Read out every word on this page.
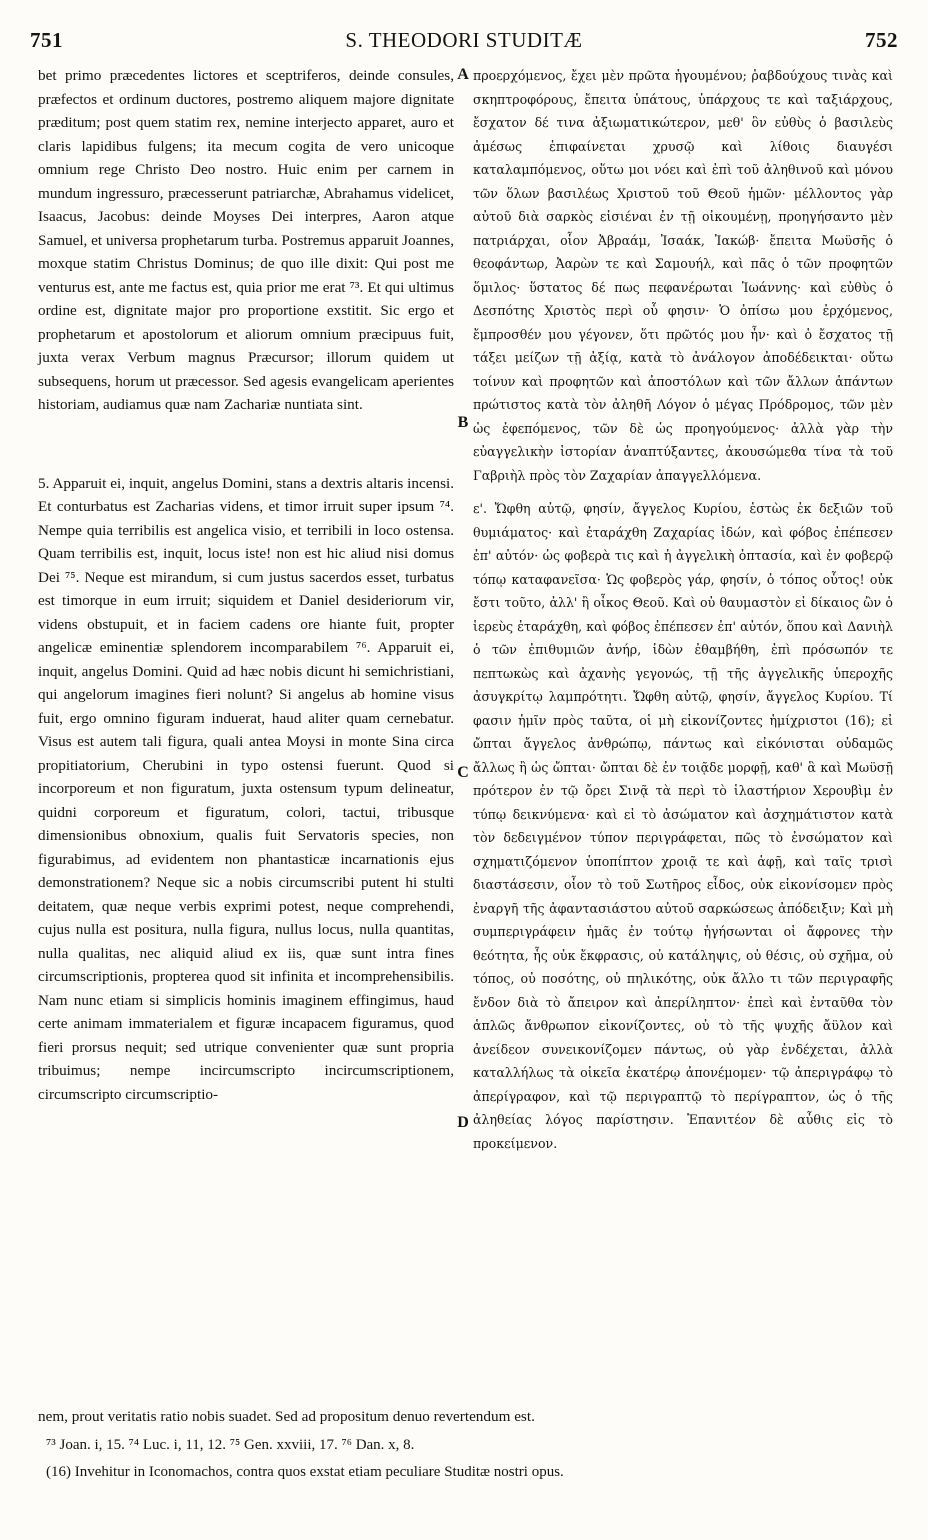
751	S. THEODORI STUDITÆ	752

bet primo præcedentes lictores et sceptriferos, deinde consules, præfectos et ordinum ductores, postremo aliquem majore dignitate præditum; post quem statim rex, nemine interjecto apparet, auro et claris lapidibus fulgens; ita mecum cogita de vero unicoque omnium rege Christo Deo nostro. Huic enim per carnem in mundum ingressuro, præcesserunt patriarchæ, Abrahamus videlicet, Isaacus, Jacobus: deinde Moyses Dei interpres, Aaron atque Samuel, et universa prophetarum turba. Postremus apparuit Joannes, moxque statim Christus Dominus; de quo ille dixit: Qui post me venturus est, ante me factus est, quia prior me erat ⁷³. Et qui ultimus ordine est, dignitate major pro proportione exstitit. Sic ergo et prophetarum et apostolorum et aliorum omnium præcipuus fuit, juxta verax Verbum magnus Præcursor; illorum quidem ut subsequens, horum ut præcessor. Sed agesis evangelicam aperientes historiam, audiamus quæ nam Zachariæ nuntiata sint.

5. Apparuit ei, inquit, angelus Domini, stans a dextris altaris incensi. Et conturbatus est Zacharias videns, et timor irruit super ipsum ⁷⁴. Nempe quia terribilis est angelica visio, et terribili in loco ostensa. Quam terribilis est, inquit, locus iste! non est hic aliud nisi domus Dei ⁷⁵. Neque est mirandum, si cum justus sacerdos esset, turbatus est timorque in eum irruit; siquidem et Daniel desideriorum vir, videns obstupuit, et in faciem cadens ore hiante fuit, propter angelicæ eminentiæ splendorem incomparabilem ⁷⁶. Apparuit ei, inquit, angelus Domini. Quid ad hæc nobis dicunt hi semichristiani, qui angelorum imagines fieri nolunt? Si angelus ab homine visus fuit, ergo omnino figuram induerat, haud aliter quam cernebatur. Visus est autem tali figura, quali antea Moysi in monte Sina circa propitiatorium, Cherubini in typo ostensi fuerunt. Quod si incorporeum et non figuratum, juxta ostensum typum delineatur, quidni corporeum et figuratum, colori, tactui, tribusque dimensionibus obnoxium, qualis fuit Servatoris species, non figurabimus, ad evidentem non phantasticæ incarnationis ejus demonstrationem? Neque sic a nobis circumscribi putent hi stulti deitatem, quæ neque verbis exprimi potest, neque comprehendi, cujus nulla est positura, nulla figura, nullus locus, nulla quantitas, nulla qualitas, nec aliquid aliud ex iis, quæ sunt intra fines circumscriptionis, propterea quod sit infinita et incomprehensibilis. Nam nunc etiam si simplicis hominis imaginem effingimus, haud certe animam immaterialem et figuræ incapacem figuramus, quod fieri prorsus nequit; sed utrique convenienter quæ sunt propria tribuimus; nempe incircumscripto incircumscriptionem, circumscripto circumscriptio-

προερχόμενος, ἔχει μὲν πρῶτα ἡγουμένου; ῥαβδούχους τινὰς καὶ σκηπτροφόρους, ἔπειτα ὑπάτους, ὑπάρχους τε καὶ ταξιάρχους, ἔσχατον δέ τινα ἀξιωματικώτερον, μεθ' ὃν εὐθὺς ὁ βασιλεὺς ἀμέσως ἐπιφαίνεται χρυσῷ καὶ λίθοις διαυγέσι καταλαμπόμενος, οὕτω μοι νόει καὶ ἐπὶ τοῦ ἀληθινοῦ καὶ μόνου τῶν ὅλων βασιλέως Χριστοῦ τοῦ Θεοῦ ἡμῶν· μέλλοντος γὰρ αὐτοῦ διὰ σαρκὸς εἰσιέναι ἐν τῇ οἰκουμένῃ, προηγήσαντο μὲν πατριάρχαι, οἷον Ἀβραάμ, Ἰσαάκ, Ἰακώβ· ἔπειτα Μωϋσῆς ὁ θεοφάντωρ, Ἀαρὼν τε καὶ Σαμουήλ, καὶ πᾶς ὁ τῶν προφητῶν ὅμιλος· ὕστατος δέ πως πεφανέρωται Ἰωάννης· καὶ εὐθὺς ὁ Δεσπότης Χριστὸς περὶ οὗ φησιν· Ὁ ὀπίσω μου ἐρχόμενος, ἔμπροσθέν μου γέγονεν, ὅτι πρῶτός μου ἦν· καὶ ὁ ἔσχατος τῇ τάξει μείζων τῇ ἀξίᾳ, κατὰ τὸ ἀνάλογον ἀποδέδεικται· οὕτω τοίνυν καὶ προφητῶν καὶ ἀποστόλων καὶ τῶν ἄλλων ἁπάντων πρώτιστος κατὰ τὸν ἀληθῆ Λόγον ὁ μέγας Πρόδρομος, τῶν μὲν ὡς ἐφεπόμενος, τῶν δὲ ὡς προηγούμενος· ἀλλὰ γὰρ τὴν εὐαγγελικὴν ἱστορίαν ἀναπτύξαντες, ἀκουσώμεθα τίνα τὰ τοῦ Γαβριὴλ πρὸς τὸν Ζαχαρίαν ἀπαγγελλόμενα.

ε'. Ὤφθη αὐτῷ, φησίν, ἄγγελος Κυρίου, ἑστὼς ἐκ δεξιῶν τοῦ θυμιάματος· καὶ ἐταράχθη Ζαχαρίας ἰδών, καὶ φόβος ἐπέπεσεν ἐπ' αὐτόν· ὡς φοβερὰ τις καὶ ἡ ἀγγελικὴ ὀπτασία, καὶ ἐν φοβερῷ τόπῳ καταφανεῖσα· Ὡς φοβερὸς γάρ, φησίν, ὁ τόπος οὗτος! οὐκ ἔστι τοῦτο, ἀλλ' ἢ οἶκος Θεοῦ. Καὶ οὐ θαυμαστὸν εἰ δίκαιος ὢν ὁ ἱερεὺς ἐταράχθη, καὶ φόβος ἐπέπεσεν ἐπ' αὐτόν, ὅπου καὶ Δανιὴλ ὁ τῶν ἐπιθυμιῶν ἀνήρ, ἰδὼν ἐθαμβήθη, ἐπὶ πρόσωπόν τε πεπτωκὼς καὶ ἀχανὴς γεγονώς, τῇ τῆς ἀγγελικῆς ὑπεροχῆς ἀσυγκρίτῳ λαμπρότητι. Ὤφθη αὐτῷ, φησίν, ἄγγελος Κυρίου. Τί φασιν ἡμῖν πρὸς ταῦτα, οἱ μὴ εἰκονίζοντες ἡμίχριστοι (16); εἰ ὤπται ἄγγελος ἀνθρώπῳ, πάντως καὶ εἰκόνισται οὐδαμῶς ἄλλως ἢ ὡς ὤπται· ὤπται δὲ ἐν τοιᾷδε μορφῇ, καθ' ἃ καὶ Μωϋσῇ πρότερον ἐν τῷ ὄρει Σινᾷ τὰ περὶ τὸ ἱλαστήριον Χερουβὶμ ἐν τύπῳ δεικνύμενα· καὶ εἰ τὸ ἀσώματον καὶ ἀσχημάτιστον κατὰ τὸν δεδειγμένον τύπον περιγράφεται, πῶς τὸ ἐνσώματον καὶ σχηματιζόμενον ὑποπίπτον χροιᾷ τε καὶ ἁφῇ, καὶ ταῖς τρισὶ διαστάσεσιν, οἷον τὸ τοῦ Σωτῆρος εἶδος, οὐκ εἰκονίσομεν πρὸς ἐναργῆ τῆς ἀφαντασιάστου αὐτοῦ σαρκώσεως ἀπόδειξιν; Καὶ μὴ συμπεριγράφειν ἡμᾶς ἐν τούτῳ ἡγήσωνται οἱ ἄφρονες τὴν θεότητα, ἧς οὐκ ἔκφρασις, οὐ κατάληψις, οὐ θέσις, οὐ σχῆμα, οὐ τόπος, οὐ ποσότης, οὐ πηλικότης, οὐκ ἄλλο τι τῶν περιγραφῆς ἔνδον διὰ τὸ ἄπειρον καὶ ἀπερίληπτον· ἐπεὶ καὶ ἐνταῦθα τὸν ἁπλῶς ἄνθρωπον εἰκονίζοντες, οὐ τὸ τῆς ψυχῆς ἄϋλον καὶ ἀνείδεον συνεικονίζομεν πάντως, οὐ γὰρ ἐνδέχεται, ἀλλὰ καταλλήλως τὰ οἰκεῖα ἑκατέρῳ ἀπονέμομεν· τῷ ἀπεριγράφῳ τὸ ἀπερίγραφον, καὶ τῷ περιγραπτῷ τὸ περίγραπτον, ὡς ὁ τῆς ἀληθείας λόγος παρίστησιν. Ἐπανιτέον δὲ αὖθις εἰς τὸ προκείμενον.

A
B
C
D
nem, prout veritatis ratio nobis suadet. Sed ad propositum denuo revertendum est.
⁷³ Joan. i, 15. ⁷⁴ Luc. i, 11, 12. ⁷⁵ Gen. xxviii, 17. ⁷⁶ Dan. x, 8.
(16) Invehitur in Iconomachos, contra quos exstat etiam peculiare Studitæ nostri opus.
